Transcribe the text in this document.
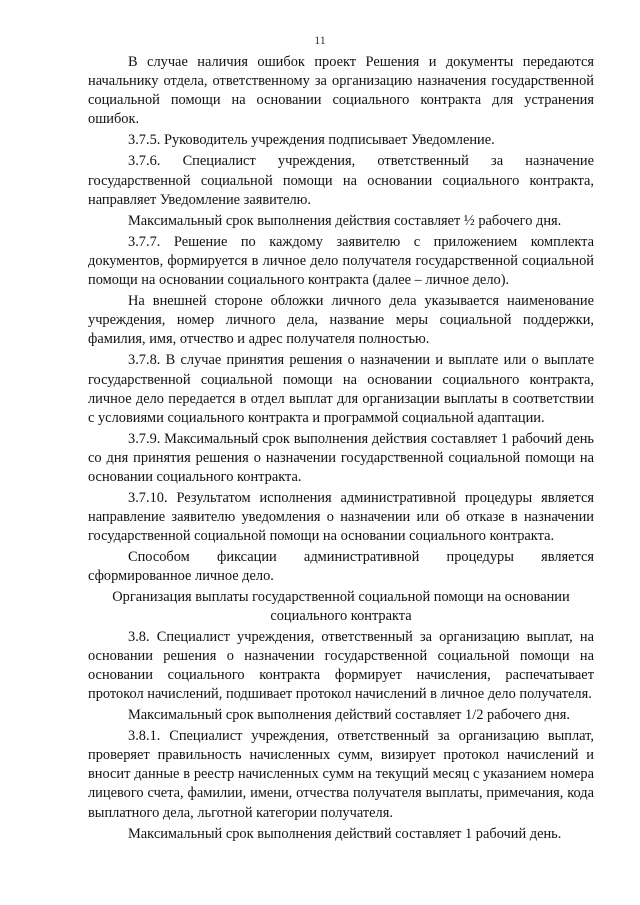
11

В случае наличия ошибок проект Решения и документы передаются начальнику отдела, ответственному за организацию назначения государственной социальной помощи на основании социального контракта для устранения ошибок.

3.7.5. Руководитель учреждения подписывает Уведомление.

3.7.6. Специалист учреждения, ответственный за назначение государственной социальной помощи на основании социального контракта, направляет Уведомление заявителю.

Максимальный срок выполнения действия составляет ½ рабочего дня.

3.7.7. Решение по каждому заявителю с приложением комплекта документов, формируется в личное дело получателя государственной социальной помощи на основании социального контракта (далее – личное дело).

На внешней стороне обложки личного дела указывается наименование учреждения, номер личного дела, название меры социальной поддержки, фамилия, имя, отчество и адрес получателя полностью.

3.7.8. В случае принятия решения о назначении и выплате или о выплате государственной социальной помощи на основании социального контракта, личное дело передается в отдел выплат для организации выплаты в соответствии с условиями социального контракта и программой социальной адаптации.

3.7.9. Максимальный срок выполнения действия составляет 1 рабочий день со дня принятия решения о назначении государственной социальной помощи на основании социального контракта.

3.7.10. Результатом исполнения административной процедуры является направление заявителю уведомления о назначении или об отказе в назначении государственной социальной помощи на основании социального контракта.

Способом фиксации административной процедуры является сформированное личное дело.

Организация выплаты государственной социальной помощи на основании социального контракта

3.8. Специалист учреждения, ответственный за организацию выплат, на основании решения о назначении государственной социальной помощи на основании социального контракта формирует начисления, распечатывает протокол начислений, подшивает протокол начислений в личное дело получателя.

Максимальный срок выполнения действий составляет 1/2 рабочего дня.

3.8.1. Специалист учреждения, ответственный за организацию выплат, проверяет правильность начисленных сумм, визирует протокол начислений и вносит данные в реестр начисленных сумм на текущий месяц с указанием номера лицевого счета, фамилии, имени, отчества получателя выплаты, примечания, кода выплатного дела, льготной категории получателя.

Максимальный срок выполнения действий составляет 1 рабочий день.
